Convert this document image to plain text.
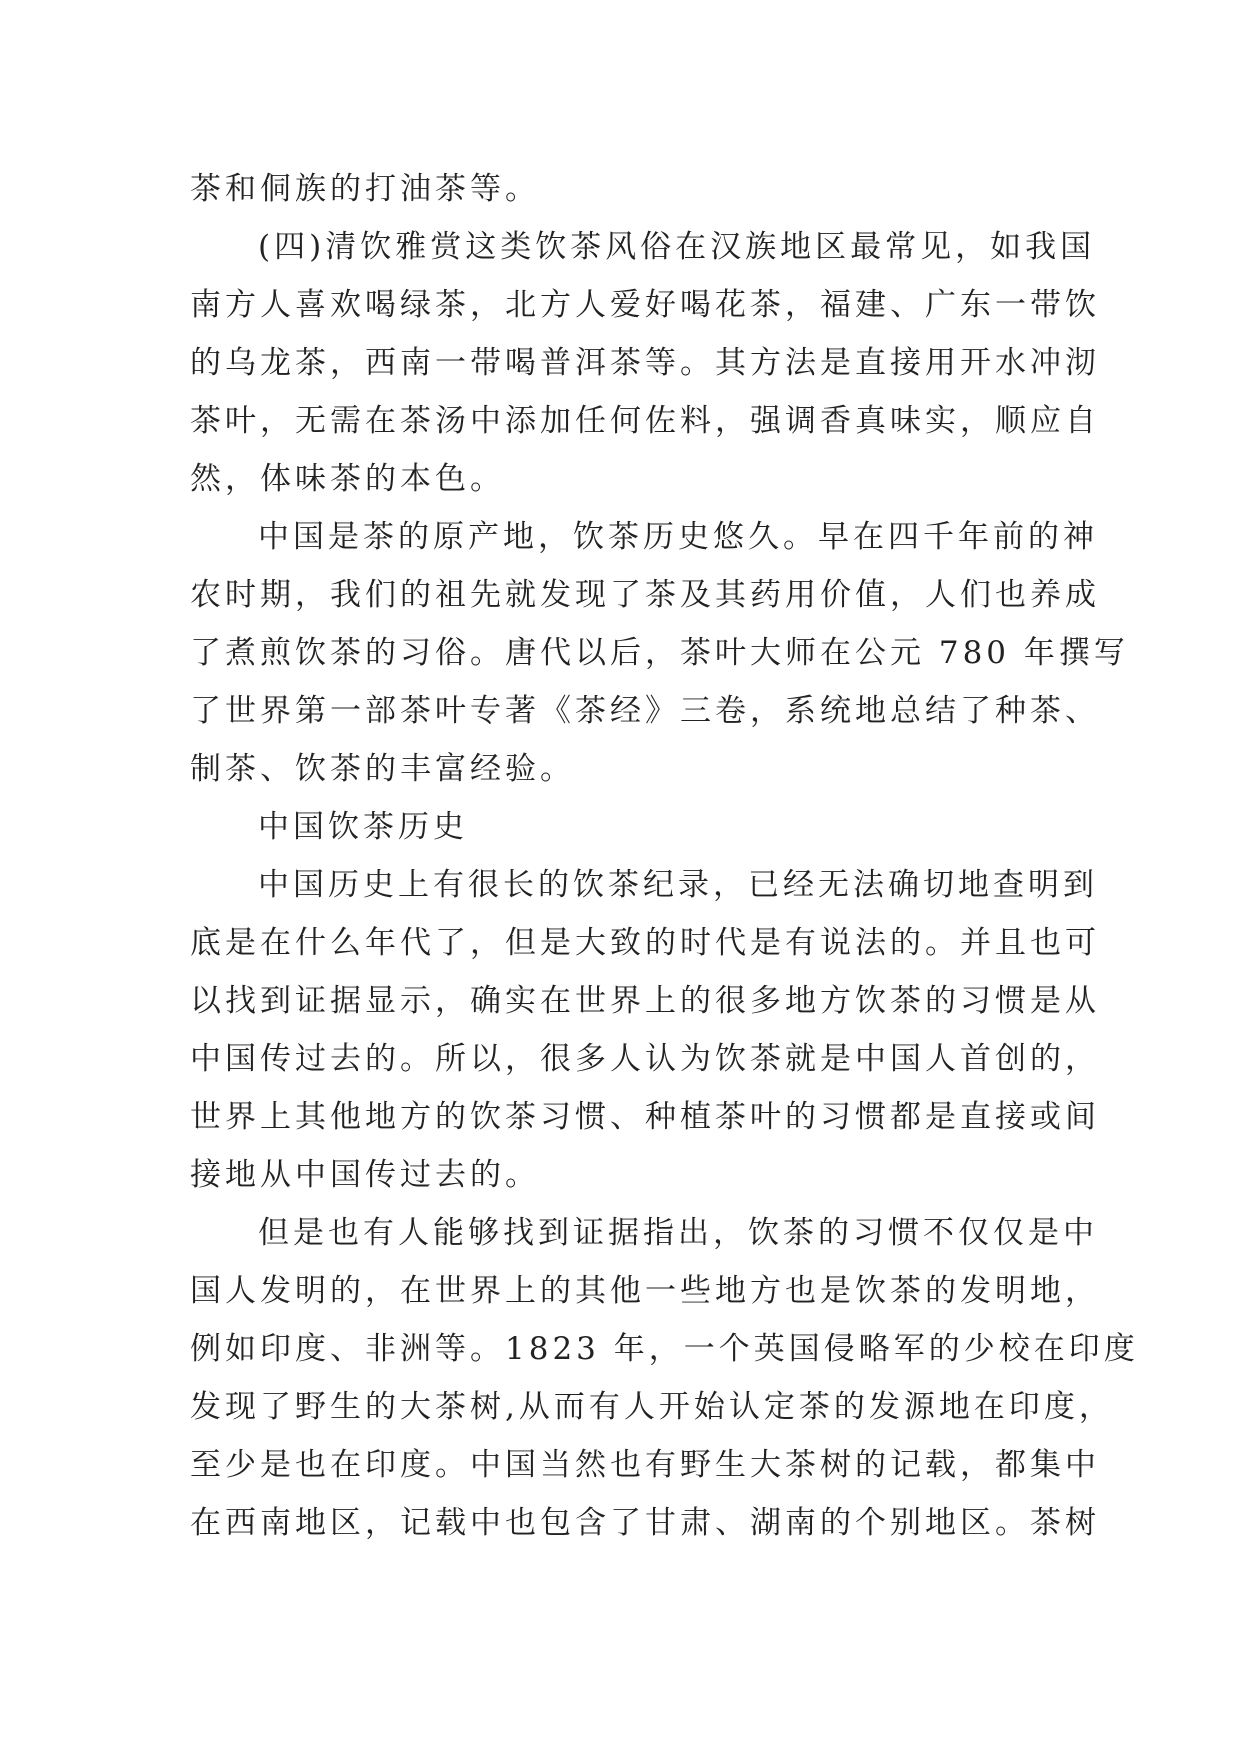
茶和侗族的打油茶等。
(四)清饮雅赏这类饮茶风俗在汉族地区最常见，如我国
南方人喜欢喝绿茶，北方人爱好喝花茶，福建、广东一带饮
的乌龙茶，西南一带喝普洱茶等。其方法是直接用开水冲沏
茶叶，无需在茶汤中添加任何佐料，强调香真味实，顺应自
然，体味茶的本色。
中国是茶的原产地，饮茶历史悠久。早在四千年前的神
农时期，我们的祖先就发现了茶及其药用价值，人们也养成
了煮煎饮茶的习俗。唐代以后，茶叶大师在公元 780 年撰写
了世界第一部茶叶专著《茶经》三卷，系统地总结了种茶、
制茶、饮茶的丰富经验。
中国饮茶历史
中国历史上有很长的饮茶纪录，已经无法确切地查明到
底是在什么年代了，但是大致的时代是有说法的。并且也可
以找到证据显示，确实在世界上的很多地方饮茶的习惯是从
中国传过去的。所以，很多人认为饮茶就是中国人首创的，
世界上其他地方的饮茶习惯、种植茶叶的习惯都是直接或间
接地从中国传过去的。
但是也有人能够找到证据指出，饮茶的习惯不仅仅是中
国人发明的，在世界上的其他一些地方也是饮茶的发明地，
例如印度、非洲等。1823 年，一个英国侵略军的少校在印度
发现了野生的大茶树,从而有人开始认定茶的发源地在印度，
至少是也在印度。中国当然也有野生大茶树的记载，都集中
在西南地区，记载中也包含了甘肃、湖南的个别地区。茶树
